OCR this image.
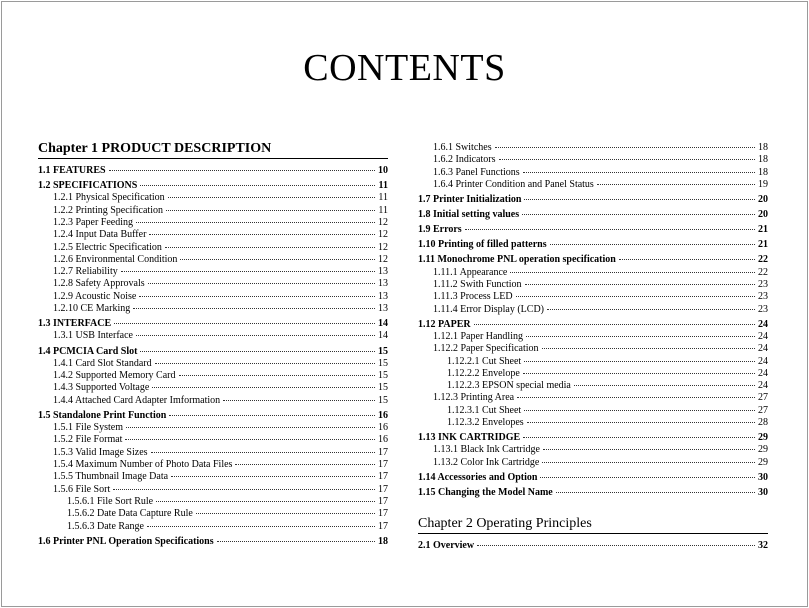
CONTENTS
Chapter 1 PRODUCT DESCRIPTION
1.1 FEATURES	10
1.2 SPECIFICATIONS	11
1.2.1 Physical Specification	11
1.2.2 Printing Specification	11
1.2.3 Paper Feeding	12
1.2.4 Input Data Buffer	12
1.2.5 Electric Specification	12
1.2.6 Environmental Condition	12
1.2.7 Reliability	13
1.2.8 Safety Approvals	13
1.2.9 Acoustic Noise	13
1.2.10 CE Marking	13
1.3 INTERFACE	14
1.3.1 USB Interface	14
1.4 PCMCIA Card Slot	15
1.4.1 Card Slot Standard	15
1.4.2 Supported Memory Card	15
1.4.3 Supported Voltage	15
1.4.4 Attached Card Adapter Imformation	15
1.5 Standalone Print Function	16
1.5.1 File System	16
1.5.2 File Format	16
1.5.3 Valid Image Sizes	17
1.5.4 Maximum Number of Photo Data Files	17
1.5.5 Thumbnail Image Data	17
1.5.6 File Sort	17
1.5.6.1 File Sort Rule	17
1.5.6.2 Date Data Capture Rule	17
1.5.6.3 Date Range	17
1.6 Printer PNL Operation Specifications	18
1.6.1 Switches	18
1.6.2 Indicators	18
1.6.3 Panel Functions	18
1.6.4 Printer Condition and Panel Status	19
1.7 Printer Initialization	20
1.8 Initial setting values	20
1.9 Errors	21
1.10 Printing of filled patterns	21
1.11 Monochrome PNL operation specification	22
1.11.1 Appearance	22
1.11.2 Swith Function	23
1.11.3 Process LED	23
1.11.4 Error Display (LCD)	23
1.12 PAPER	24
1.12.1 Paper Handling	24
1.12.2 Paper Specification	24
1.12.2.1 Cut Sheet	24
1.12.2.2 Envelope	24
1.12.2.3 EPSON special media	24
1.12.3 Printing Area	27
1.12.3.1 Cut Sheet	27
1.12.3.2 Envelopes	28
1.13 INK CARTRIDGE	29
1.13.1 Black Ink Cartridge	29
1.13.2 Color Ink Cartridge	29
1.14 Accessories and Option	30
1.15 Changing the Model Name	30
Chapter 2 Operating Principles
2.1 Overview	32
